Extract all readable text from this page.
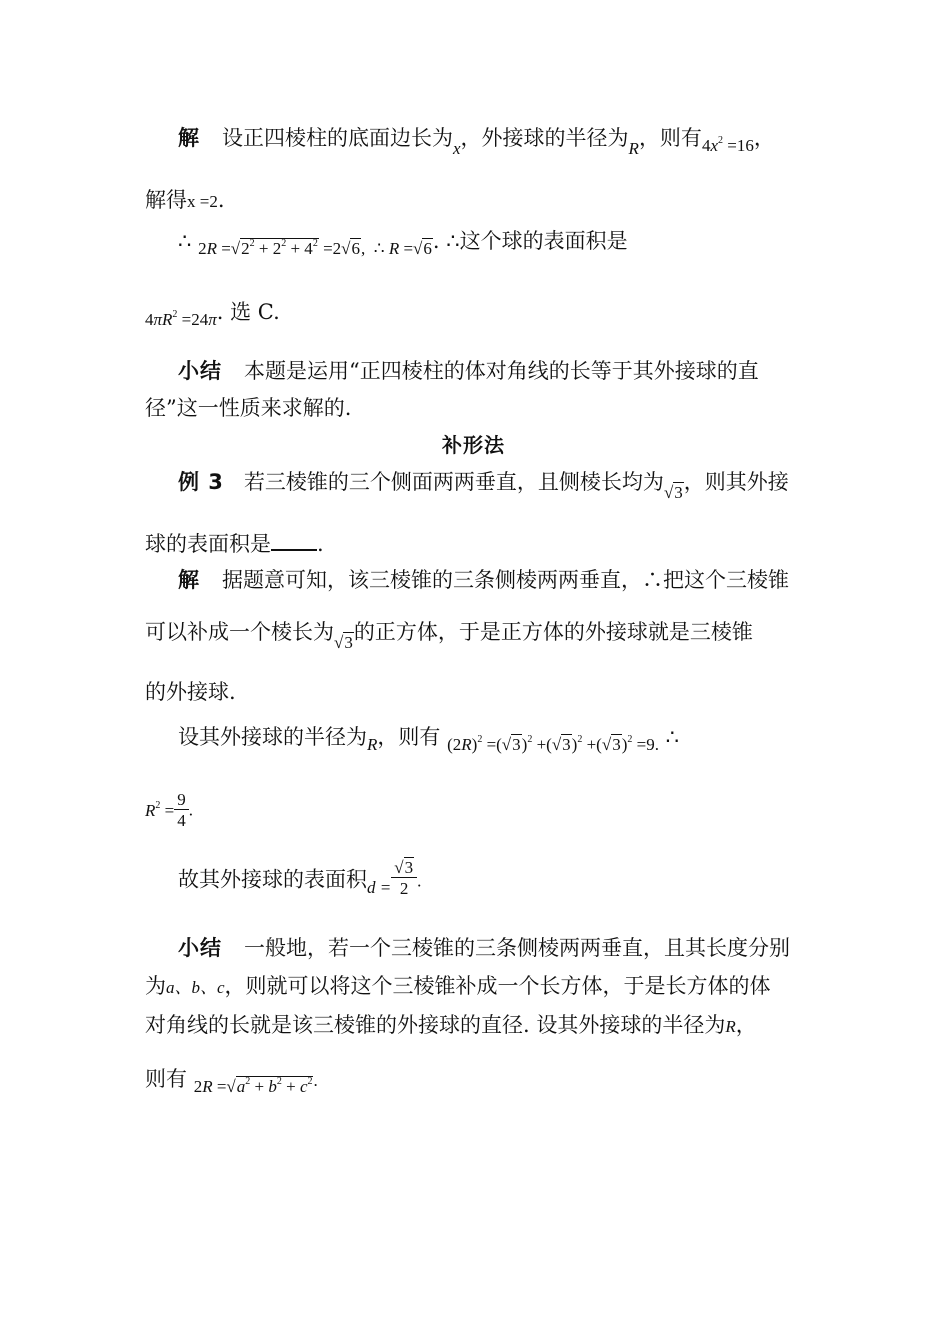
解 设正四棱柱的底面边长为$_x$，外接球的半径为$_R$，则有$_{4x^2 =16}$，
解得x =2.
∴ $_{2R =√2^2 + 2^2 + 4^2 =2√6, \therefore R =√6}$. ∴这个球的表面积是
$_{4\pi R^2 =24\pi}$. 选 C.
小结 本题是运用“正四棱柱的体对角线的长等于其外接球的直
径”这一性质来求解的.
补形法
例 3 若三棱锥的三个侧面两两垂直，且侧棱长均为$_{√3}$，则其外接
球的表面积是 .
解 据题意可知，该三棱锥的三条侧棱两两垂直，∴把这个三棱锥
可以补成一个棱长为$_{√3}$的正方体，于是正方体的外接球就是三棱锥
的外接球.
设其外接球的半径为$_R$，则有 $_{(2R)^2 =(√3)^2 +(√3)^2 +(√3)^2 =9.}$ ∴
$R^2 = \frac{9}{4}$ .
故其外接球的表面积$_{d =} \frac{√3}{2}$ .
小结 一般地，若一个三棱锥的三条侧棱两两垂直，且其长度分别
为a、b、c，则就可以将这个三棱锥补成一个长方体，于是长方体的体
对角线的长就是该三棱锥的外接球的直径. 设其外接球的半径为R，
则有 $_{2R =√a^2 + b^2 + c^2}$.
